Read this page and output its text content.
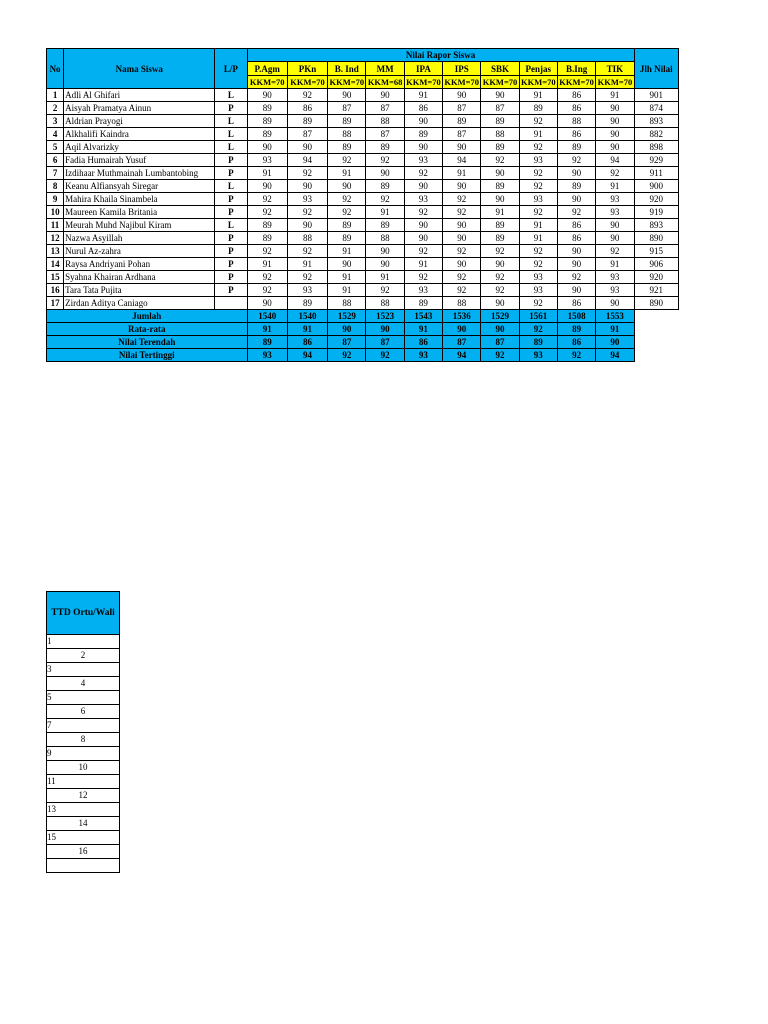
No	Nama Siswa	L/P	Nilai Rapor Siswa										Jlh Nilai
			P.Agm	PKn	B. Ind	MM	IPA	IPS	SBK	Penjas	B.Ing	TIK	
			KKM=70	KKM=70	KKM=70	KKM=68	KKM=70	KKM=70	KKM=70	KKM=70	KKM=70	KKM=70	
1	Adli Al Ghifari	L	90	92	90	90	91	90	90	91	86	91	901
2	Aisyah Pramatya Ainun	P	89	86	87	87	86	87	87	89	86	90	874
3	Aldrian Prayogi	L	89	89	89	88	90	89	89	92	88	90	893
4	Alkhalifi Kaindra	L	89	87	88	87	89	87	88	91	86	90	882
5	Aqil Alvarizky	L	90	90	89	89	90	90	89	92	89	90	898
6	Fadia Humairah Yusuf	P	93	94	92	92	93	94	92	93	92	94	929
7	Izdihaar Muthmainah Lumbantobing	P	91	92	91	90	92	91	90	92	90	92	911
8	Keanu Alfiansyah Siregar	L	90	90	90	89	90	90	89	92	89	91	900
9	Mahira Khaila Sinambela	P	92	93	92	92	93	92	90	93	90	93	920
10	Maureen Kamila Britania	P	92	92	92	91	92	92	91	92	92	93	919
11	Meurah Muhd Najibul Kiram	L	89	90	89	89	90	90	89	91	86	90	893
12	Nazwa Asyillah	P	89	88	89	88	90	90	89	91	86	90	890
13	Nurul Az-zahra	P	92	92	91	90	92	92	92	92	90	92	915
14	Raysa Andriyani Pohan	P	91	91	90	90	91	90	90	92	90	91	906
15	Syahna Khairan Ardhana	P	92	92	91	91	92	92	92	93	92	93	920
16	Tara Tata Pujita	P	92	93	91	92	93	92	92	93	90	93	921
17	Zirdan Aditya Caniago		90	89	88	88	89	88	90	92	86	90	890
Jumlah			1540	1540	1529	1523	1543	1536	1529	1561	1508	1553	
Rata-rata			91	91	90	90	91	90	90	92	89	91	
Nilai Terendah			89	86	87	87	86	87	87	89	86	90	
Nilai Tertinggi			93	94	92	92	93	94	92	93	92	94	
TTD Ortu/Wali
1
2
3
4
5
6
7
8
9
10
11
12
13
14
15
16
